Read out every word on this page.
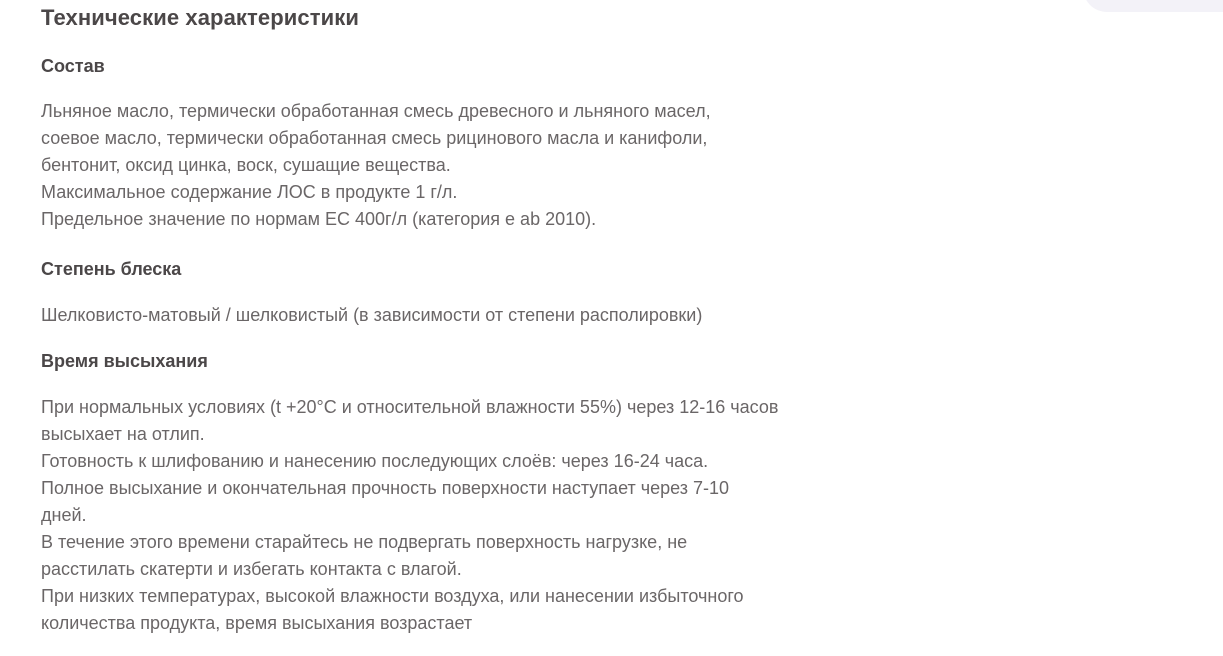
Технические характеристики
Состав
Льняное масло, термически обработанная смесь древесного и льняного масел,
соевое масло, термически обработанная смесь рицинового масла и канифоли,
бентонит, оксид цинка, воск, сушащие вещества.
Максимальное содержание ЛОС в продукте 1 г/л.
Предельное значение по нормам ЕС 400г/л (категория e ab 2010).
Степень блеска
Шелковисто-матовый / шелковистый (в зависимости от степени располировки)
Время высыхания
При нормальных условиях (t +20°C и относительной влажности 55%) через 12-16 часов
высыхает на отлип.
Готовность к шлифованию и нанесению последующих слоёв: через 16-24 часа.
Полное высыхание и окончательная прочность поверхности наступает через 7-10
дней.
В течение этого времени старайтесь не подвергать поверхность нагрузке, не
расстилать скатерти и избегать контакта с влагой.
При низких температурах, высокой влажности воздуха, или нанесении избыточного
количества продукта, время высыхания возрастает
